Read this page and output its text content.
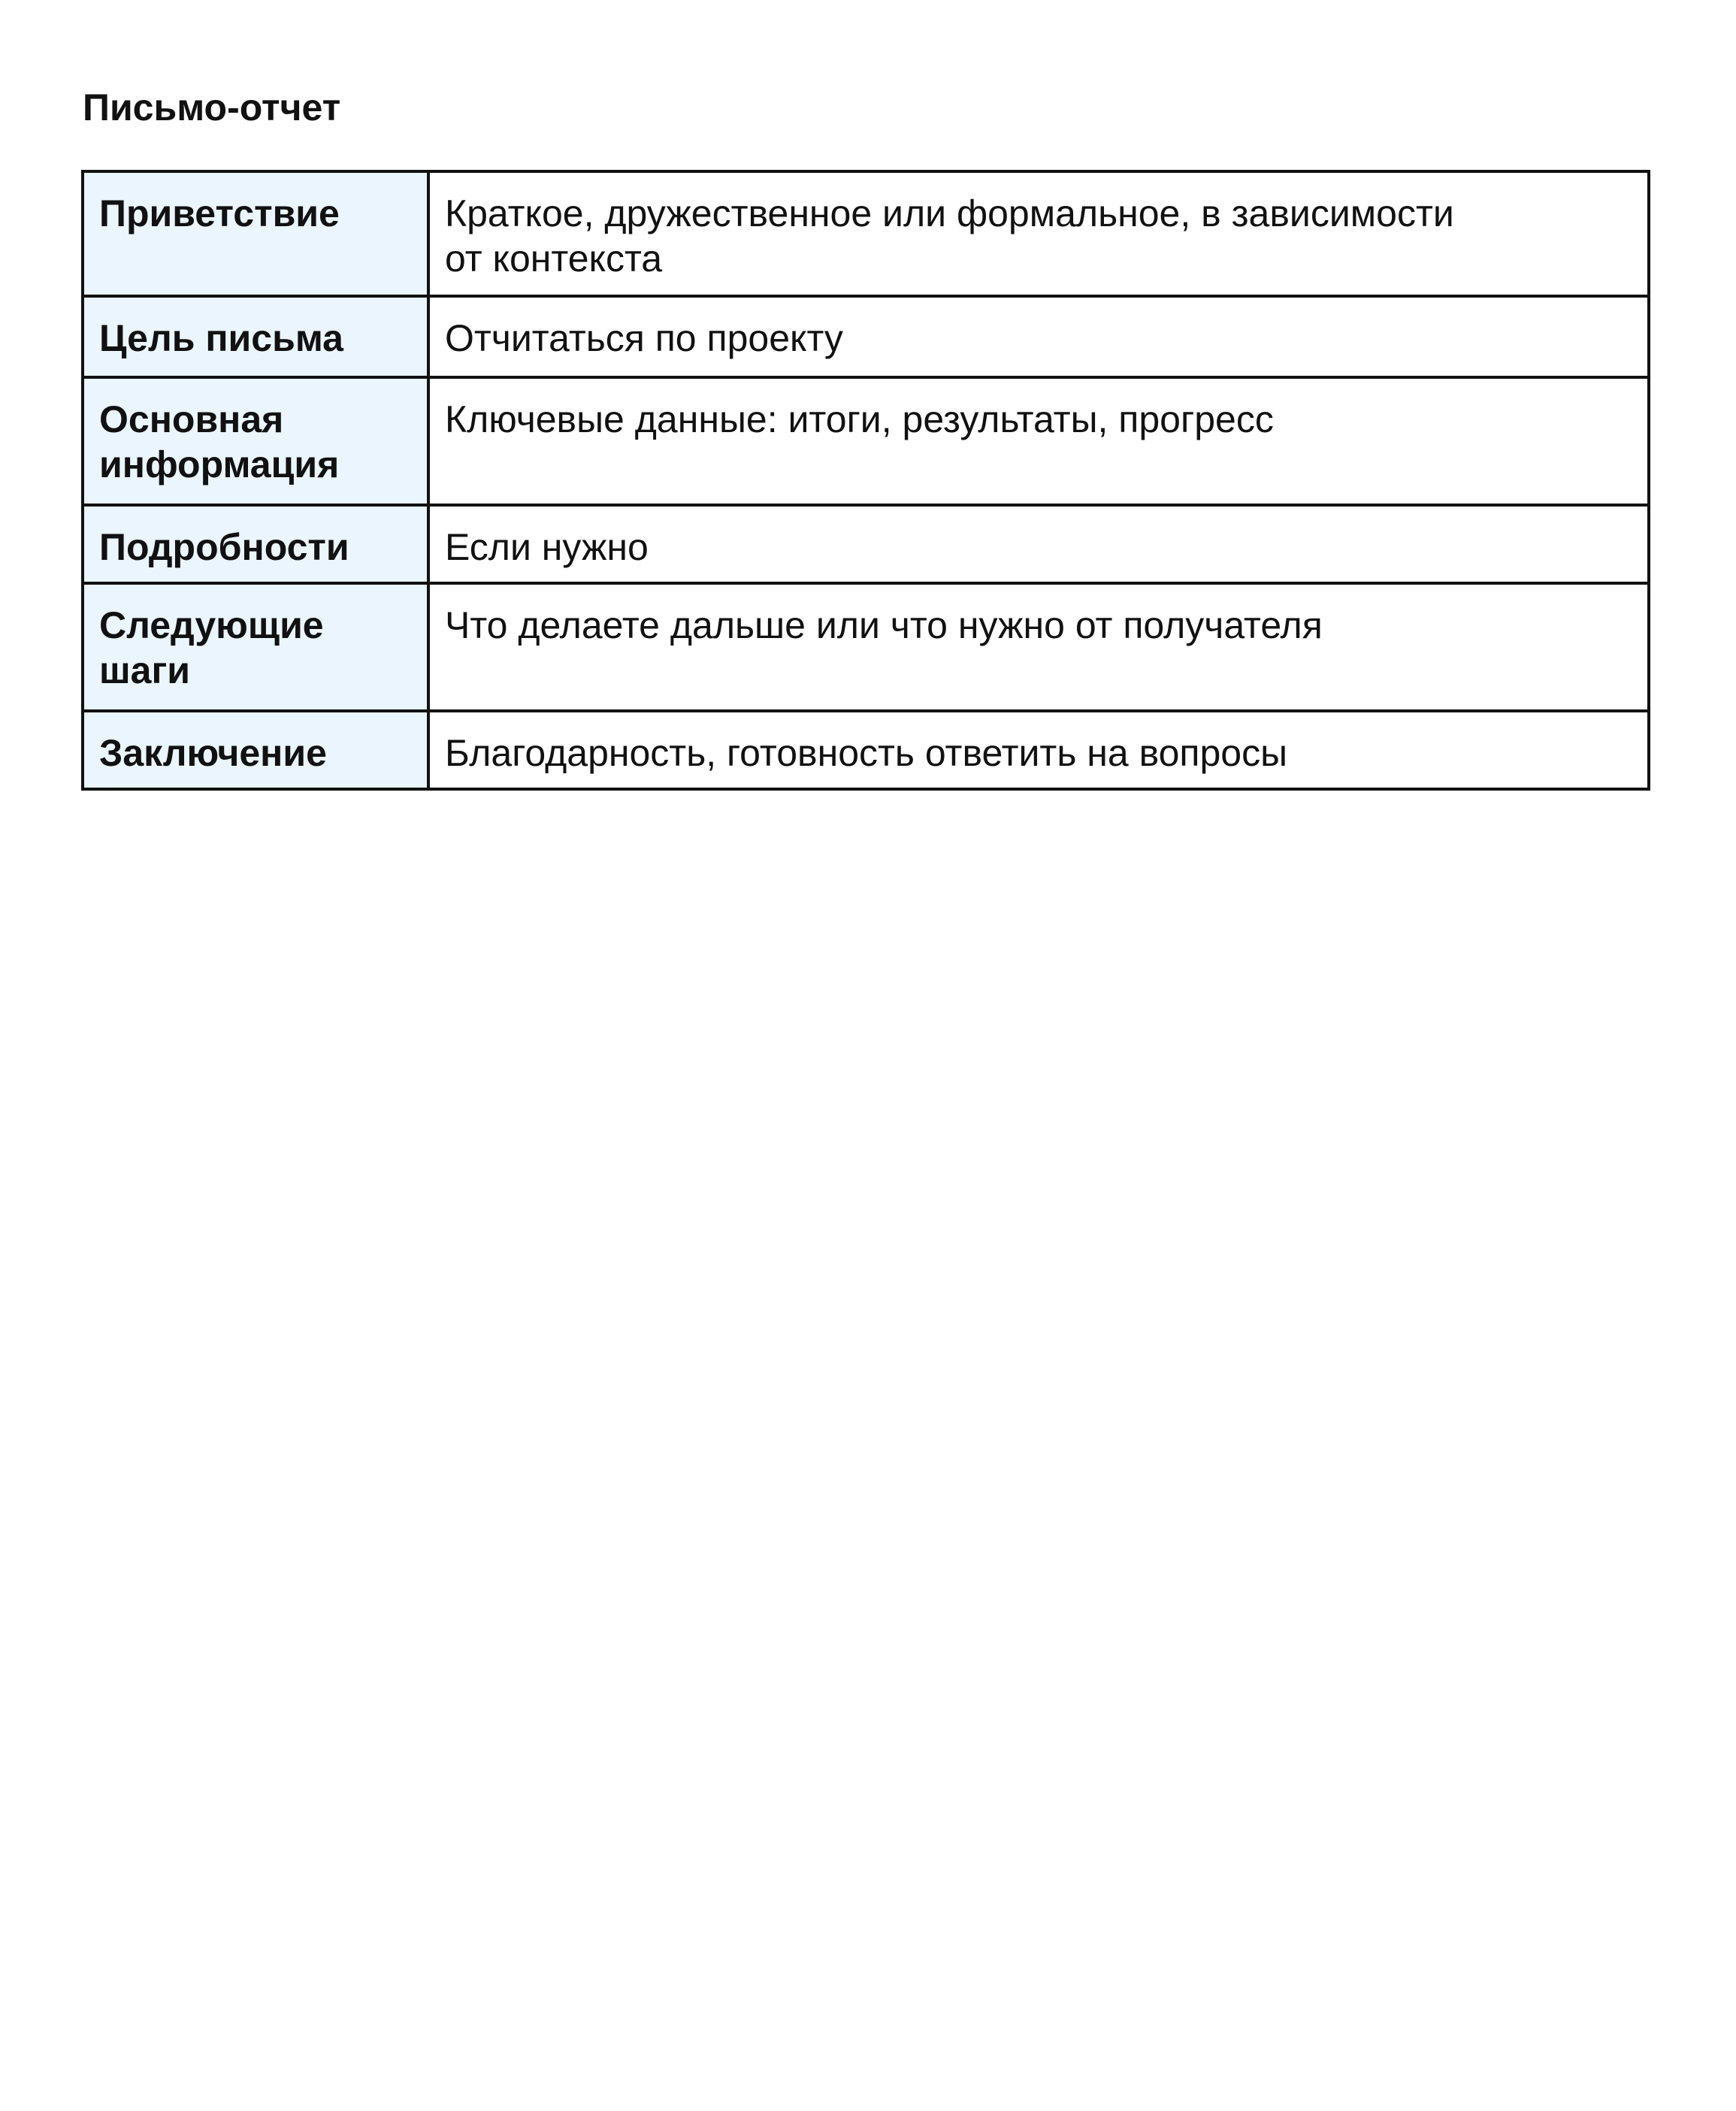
Письмо-отчет
Приветствие	Краткое, дружественное или формальное, в зависимости
от контекста

Цель письма	Отчитаться по проекту

Основная
информация	Ключевые данные: итоги, результаты, прогресс

Подробности	Если нужно

Следующие
шаги	Что делаете дальше или что нужно от получателя

Заключение	Благодарность, готовность ответить на вопросы
